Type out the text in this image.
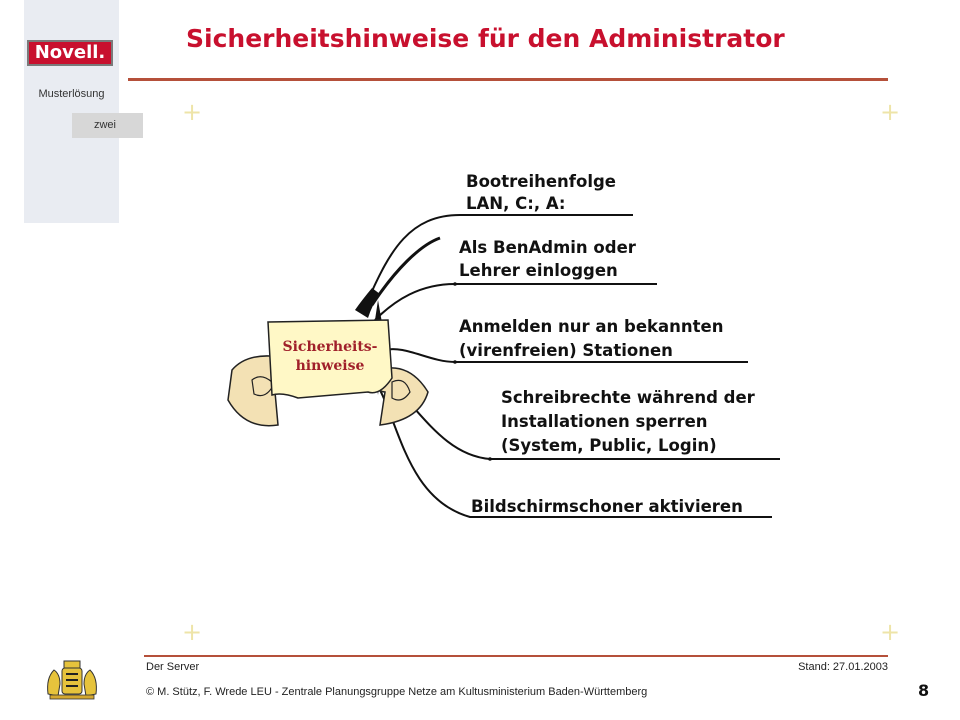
Novell.
Musterlösung
zwei
Sicherheitshinweise für den Administrator
+	+
+	+
Sicherheits-
hinweise
Bootreihenfolge
LAN, C:, A:
Als BenAdmin oder
Lehrer einloggen
Anmelden nur an bekannten
(virenfreien) Stationen
Schreibrechte während der
Installationen sperren
(System, Public, Login)
Bildschirmschoner aktivieren
Der Server	Stand: 27.01.2003
© M. Stütz, F. Wrede LEU - Zentrale Planungsgruppe Netze am Kultusministerium Baden-Württemberg	8
